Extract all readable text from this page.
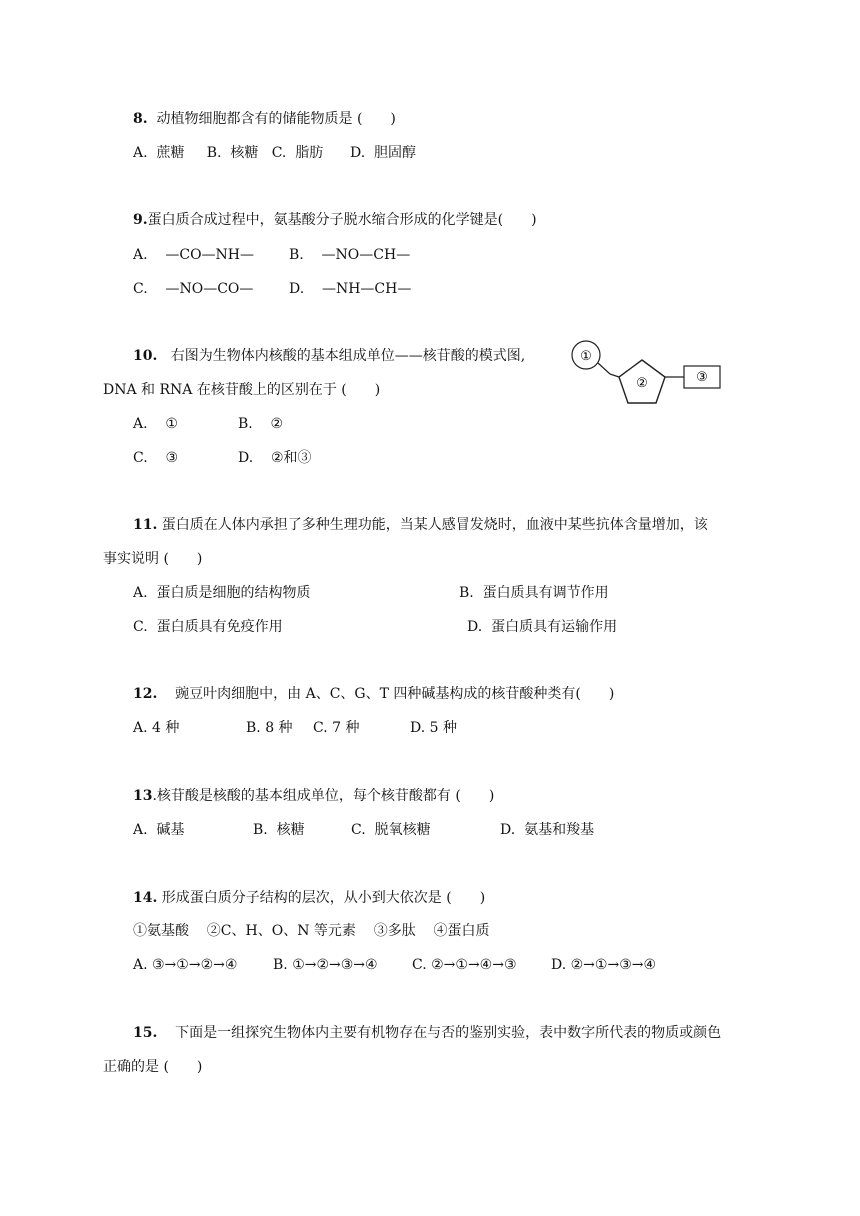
8.  动植物细胞都含有的储能物质是 (　　)
A.  蔗糖     B.  核糖   C.  脂肪      D.  胆固醇
9.蛋白质合成过程中，氨基酸分子脱水缩合形成的化学键是(　　)
A.    —CO—NH— B.    —NO—CH—
C.    —NO—CO—	D.    —NH—CH—
10.   右图为生物体内核酸的基本组成单位——核苷酸的模式图,
DNA 和 RNA 在核苷酸上的区别在于 (　　)
A.    ①	B.    ②
C.    ③	D.    ②和③
①
②	③
11. 蛋白质在人体内承担了多种生理功能，当某人感冒发烧时，血液中某些抗体含量增加，该
事实说明 (　　)
A.  蛋白质是细胞的结构物质	B.  蛋白质具有调节作用
C.  蛋白质具有免疫作用	D.  蛋白质具有运输作用
12.    豌豆叶肉细胞中，由 A、C、G、T 四种碱基构成的核苷酸种类有(　　)
A. 4 种	B. 8 种 C. 7 种	D. 5 种
13.核苷酸是核酸的基本组成单位，每个核苷酸都有 (　　)
A.  碱基	B.  核糖	C.  脱氧核糖	D.  氨基和羧基
14. 形成蛋白质分子结构的层次，从小到大依次是 (　　)
①氨基酸    ②C、H、O、N 等元素    ③多肽    ④蛋白质
A. ③→①→②→④	B. ①→②→③→④ C. ②→①→④→③ D. ②→①→③→④
15.    下面是一组探究生物体内主要有机物存在与否的鉴别实验，表中数字所代表的物质或颜色
正确的是 (　　)
